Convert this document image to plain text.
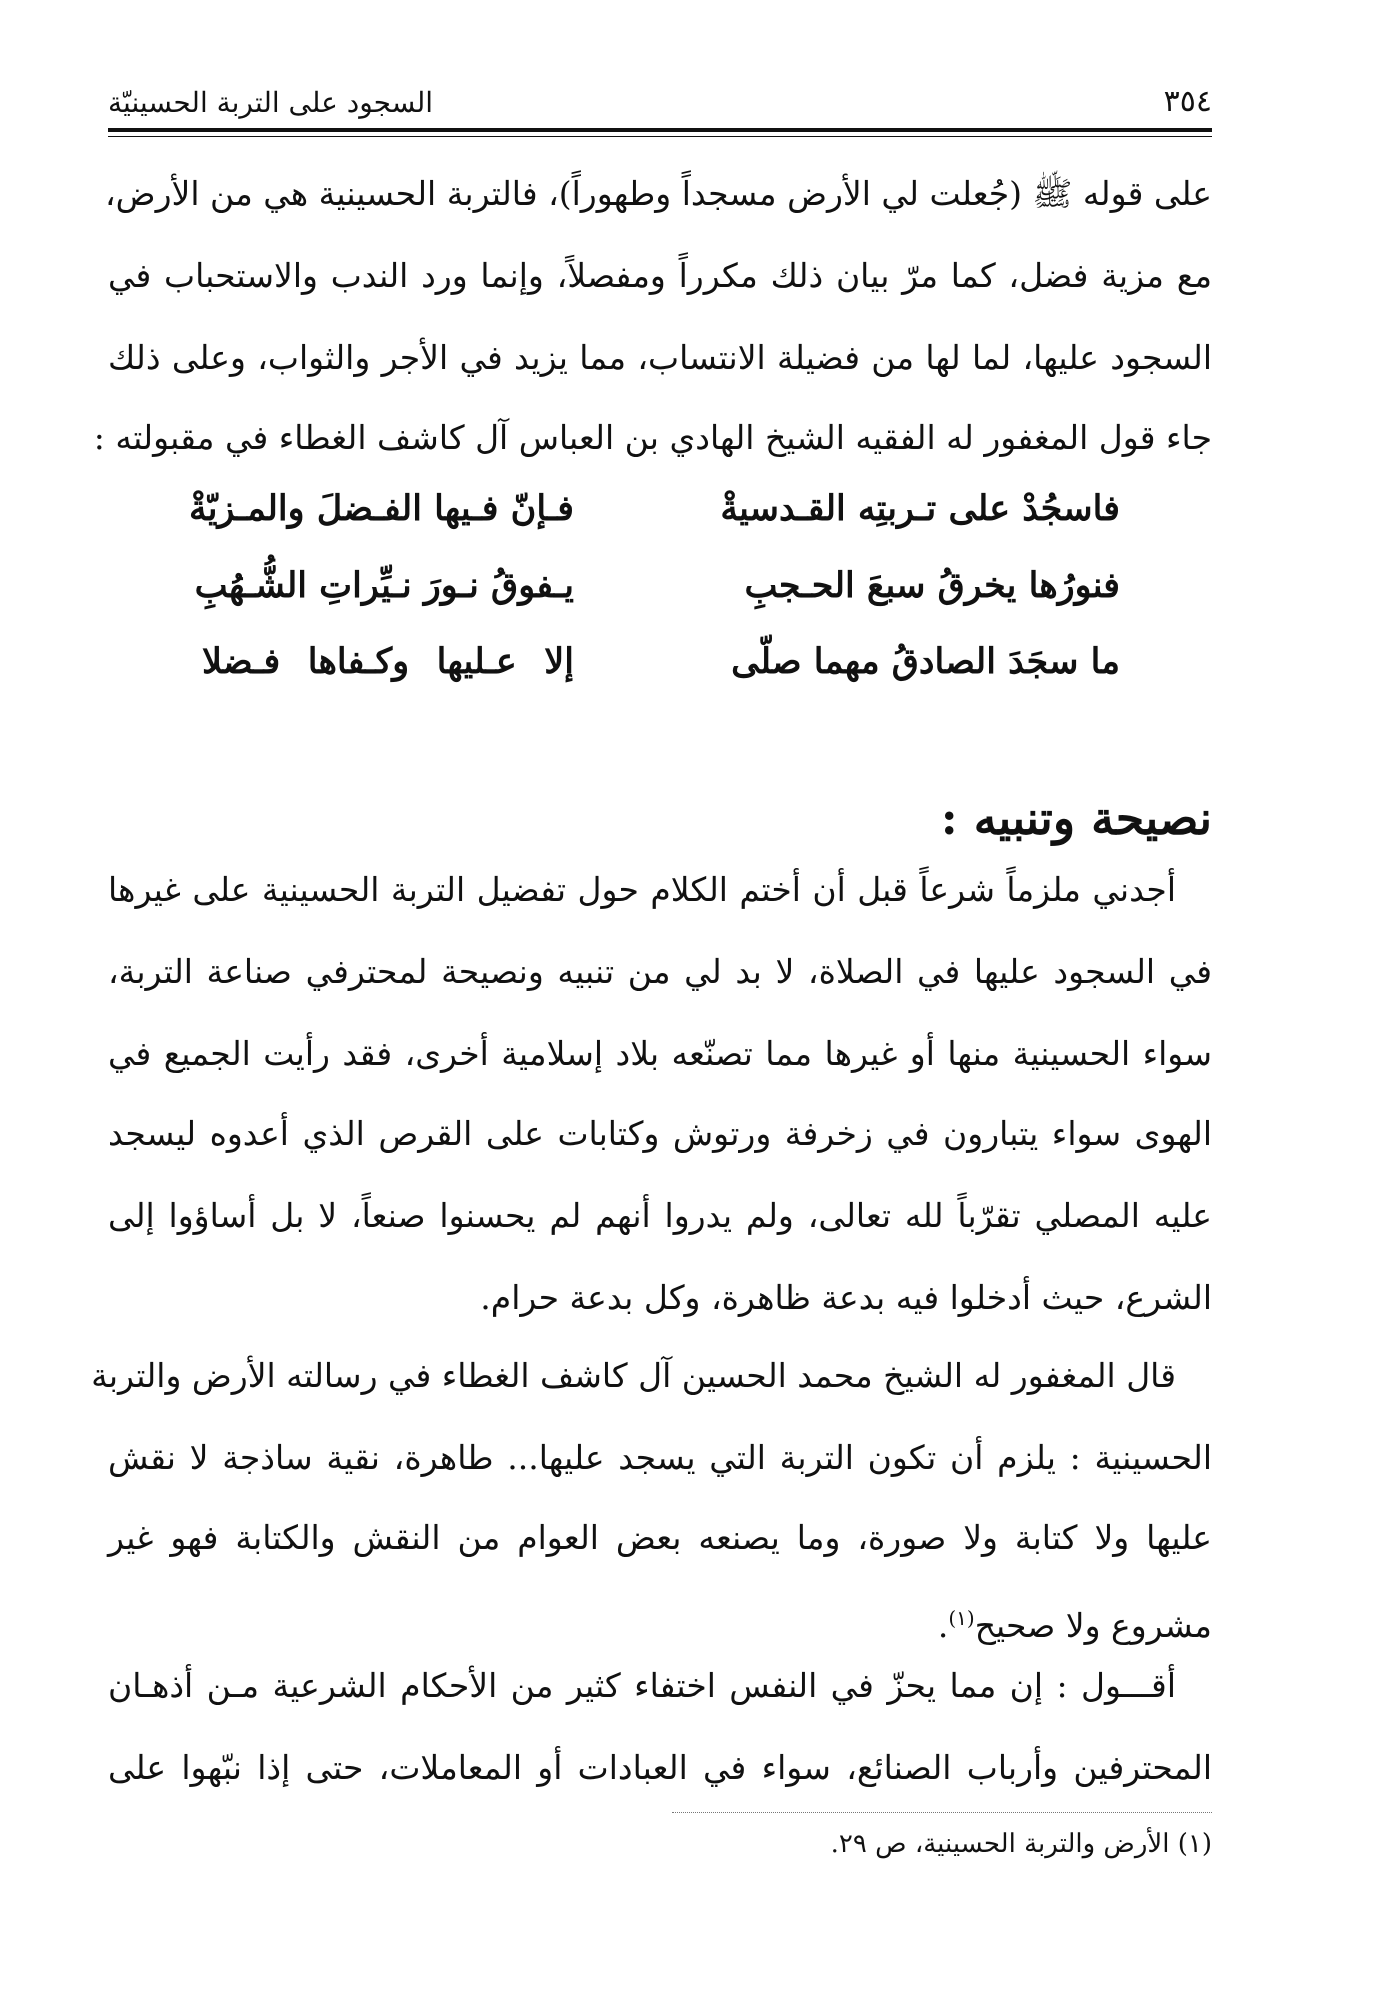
السجود على التربة الحسينيّة	٣٥٤
على قوله ﷺ (جُعلت لي الأرض مسجداً وطهوراً)، فالتربة الحسينية هي من الأرض،
مع مزية فضل، كما مرّ بيان ذلك مكرراً ومفصلاً، وإنما ورد الندب والاستحباب في
السجود عليها، لما لها من فضيلة الانتساب، مما يزيد في الأجر والثواب، وعلى ذلك
جاء قول المغفور له الفقيه الشيخ الهادي بن العباس آل كاشف الغطاء في مقبولته :
فاسجُدْ على تـربتِه القـدسيةْ
فـإنّ فـيها الفـضلَ والمـزيّةْ
فنورُها يخرقُ سبعَ الحـجبِ
يـفوقُ نـورَ نـيِّراتِ الشُّـهُبِ
ما سجَدَ الصادقُ مهما صلّى
إلا عـليها وكـفاها فـضلا
نصيحة وتنبيه :
أجدني ملزماً شرعاً قبل أن أختم الكلام حول تفضيل التربة الحسينية على غيرها
في السجود عليها في الصلاة، لا بد لي من تنبيه ونصيحة لمحترفي صناعة التربة،
سواء الحسينية منها أو غيرها مما تصنّعه بلاد إسلامية أخرى، فقد رأيت الجميع في
الهوى سواء يتبارون في زخرفة ورتوش وكتابات على القرص الذي أعدوه ليسجد
عليه المصلي تقرّباً لله تعالى، ولم يدروا أنهم لم يحسنوا صنعاً، لا بل أساؤوا إلى
الشرع، حيث أدخلوا فيه بدعة ظاهرة، وكل بدعة حرام.
قال المغفور له الشيخ محمد الحسين آل كاشف الغطاء في رسالته الأرض والتربة
الحسينية : يلزم أن تكون التربة التي يسجد عليها... طاهرة، نقية ساذجة لا نقش
عليها ولا كتابة ولا صورة، وما يصنعه بعض العوام من النقش والكتابة فهو غير
مشروع ولا صحيح$^{(١)}$.
أقـــول : إن مما يحزّ في النفس اختفاء كثير من الأحكام الشرعية مـن أذهـان
المحترفين وأرباب الصنائع، سواء في العبادات أو المعاملات، حتى إذا نبّهوا على
(١) الأرض والتربة الحسينية، ص ٢٩.
